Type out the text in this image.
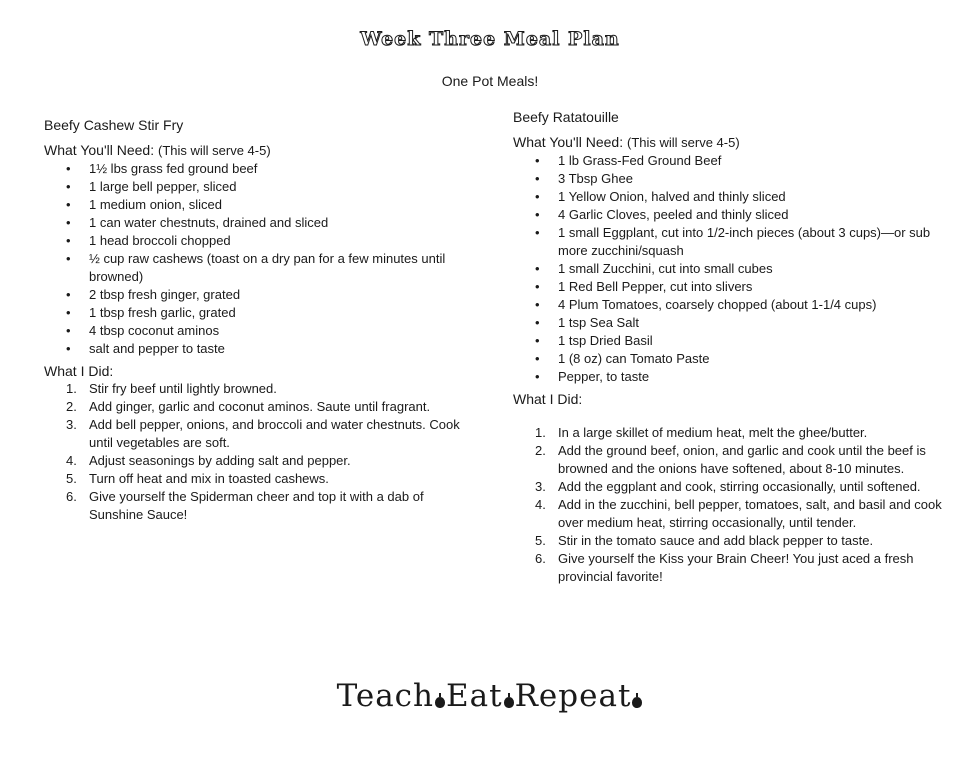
Week Three Meal Plan
One Pot Meals!
Beefy Cashew Stir Fry
What You'll Need: (This will serve 4-5)
• 1½ lbs grass fed ground beef
• 1 large bell pepper, sliced
• 1 medium onion, sliced
• 1 can water chestnuts, drained and sliced
• 1 head broccoli chopped
• ½ cup raw cashews (toast on a dry pan for a few minutes until browned)
• 2 tbsp fresh ginger, grated
• 1 tbsp fresh garlic, grated
• 4 tbsp coconut aminos
• salt and pepper to taste
What I Did:
1. Stir fry beef until lightly browned.
2. Add ginger, garlic and coconut aminos. Saute until fragrant.
3. Add bell pepper, onions, and broccoli and water chestnuts. Cook until vegetables are soft.
4. Adjust seasonings by adding salt and pepper.
5. Turn off heat and mix in toasted cashews.
6. Give yourself the Spiderman cheer and top it with a dab of Sunshine Sauce!
Beefy Ratatouille
What You'll Need: (This will serve 4-5)
• 1 lb Grass-Fed Ground Beef
• 3 Tbsp Ghee
• 1 Yellow Onion, halved and thinly sliced
• 4 Garlic Cloves, peeled and thinly sliced
• 1 small Eggplant, cut into 1/2-inch pieces (about 3 cups)—or sub more zucchini/squash
• 1 small Zucchini, cut into small cubes
• 1 Red Bell Pepper, cut into slivers
• 4 Plum Tomatoes, coarsely chopped (about 1-1/4 cups)
• 1 tsp Sea Salt
• 1 tsp Dried Basil
• 1 (8 oz) can Tomato Paste
• Pepper, to taste
What I Did:
1. In a large skillet of medium heat, melt the ghee/butter.
2. Add the ground beef, onion, and garlic and cook until the beef is browned and the onions have softened, about 8-10 minutes.
3. Add the eggplant and cook, stirring occasionally, until softened.
4. Add in the zucchini, bell pepper, tomatoes, salt, and basil and cook over medium heat, stirring occasionally, until tender.
5. Stir in the tomato sauce and add black pepper to taste.
6. Give yourself the Kiss your Brain Cheer! You just aced a fresh provincial favorite!
Teach Eat Repeat
